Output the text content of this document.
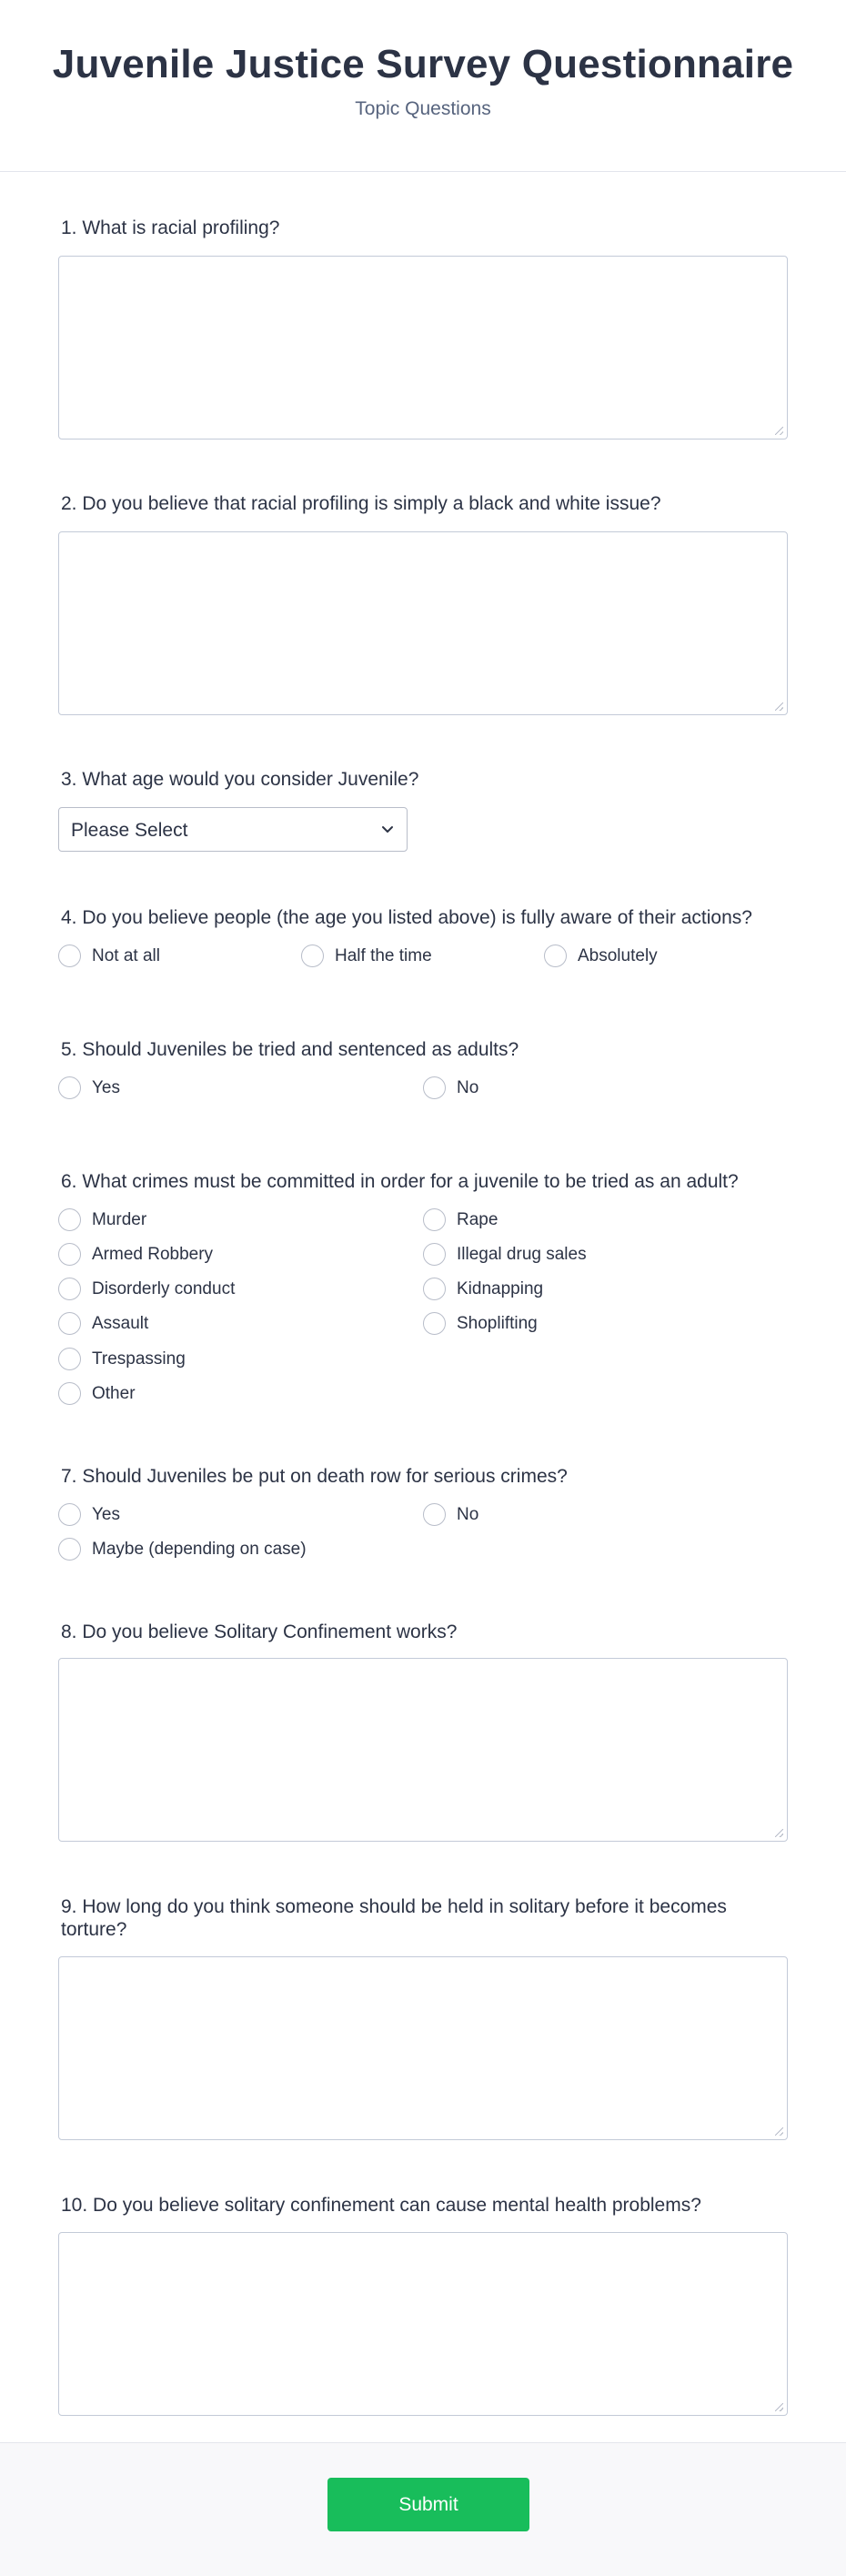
Juvenile Justice Survey Questionnaire
Topic Questions
1. What is racial profiling?
2. Do you believe that racial profiling is simply a black and white issue?
3. What age would you consider Juvenile?
Please Select
4. Do you believe people (the age you listed above) is fully aware of their actions?
Not at all	Half the time	Absolutely
5. Should Juveniles be tried and sentenced as adults?
Yes	No
6. What crimes must be committed in order for a juvenile to be tried as an adult?
Murder	Rape
Armed Robbery	Illegal drug sales
Disorderly conduct	Kidnapping
Assault	Shoplifting
Trespassing
Other
7. Should Juveniles be put on death row for serious crimes?
Yes	No
Maybe (depending on case)
8. Do you believe Solitary Confinement works?
9. How long do you think someone should be held in solitary before it becomes torture?
10. Do you believe solitary confinement can cause mental health problems?
Submit
